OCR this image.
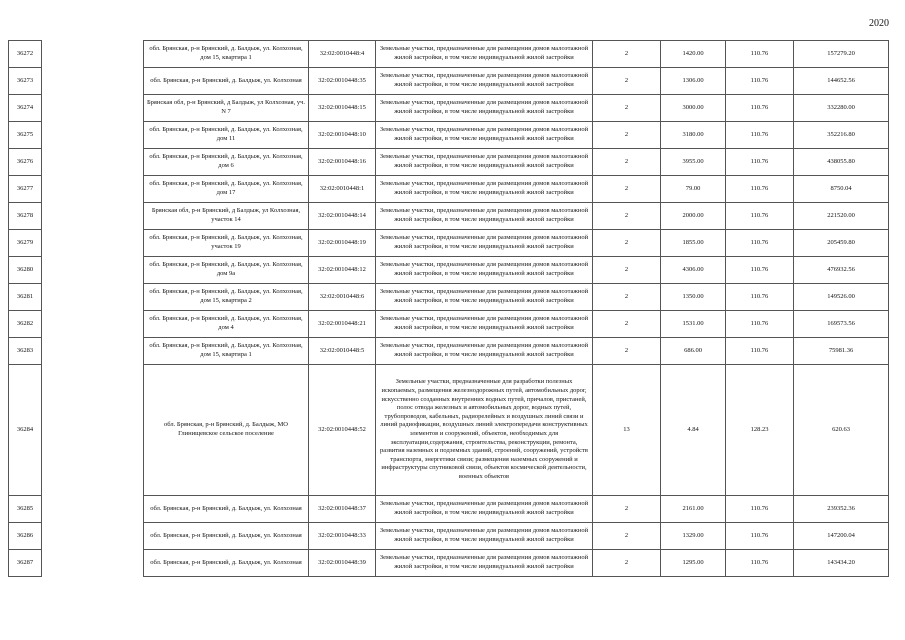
2020
36272		обл. Брянская, р-н Брянский, д. Балдыж, ул. Колхозная, дом 15, квартира 1	32:02:0010448:4	Земельные участки, предназначенные для размещения домов малоэтажной жилой застройки, в том числе индивидуальной жилой застройки	2	1420.00	110.76	157279.20
36273		обл. Брянская, р-н Брянский, д. Балдыж, ул. Колхозная	32:02:0010448:35	Земельные участки, предназначенные для размещения домов малоэтажной жилой застройки, в том числе индивидуальной жилой застройки	2	1306.00	110.76	144652.56
36274		Брянская обл, р-н Брянский, д Балдыж, ул Колхозная, уч. N 7	32:02:0010448:15	Земельные участки, предназначенные для размещения домов малоэтажной жилой застройки, в том числе индивидуальной жилой застройки	2	3000.00	110.76	332280.00
36275		обл. Брянская, р-н Брянский, д. Балдыж, ул. Колхозная, дом 11	32:02:0010448:10	Земельные участки, предназначенные для размещения домов малоэтажной жилой застройки, в том числе индивидуальной жилой застройки	2	3180.00	110.76	352216.80
36276		обл. Брянская, р-н Брянский, д. Балдыж, ул. Колхозная, дом 6	32:02:0010448:16	Земельные участки, предназначенные для размещения домов малоэтажной жилой застройки, в том числе индивидуальной жилой застройки	2	3955.00	110.76	438055.80
36277		обл. Брянская, р-н Брянский, д. Балдыж, ул. Колхозная, дом 17	32:02:0010448:1	Земельные участки, предназначенные для размещения домов малоэтажной жилой застройки, в том числе индивидуальной жилой застройки	2	79.00	110.76	8750.04
36278		Брянская обл, р-н Брянский, д Балдыж, ул Колхозная, участок 14	32:02:0010448:14	Земельные участки, предназначенные для размещения домов малоэтажной жилой застройки, в том числе индивидуальной жилой застройки	2	2000.00	110.76	221520.00
36279		обл. Брянская, р-н Брянский, д. Балдыж, ул. Колхозная, участок 19	32:02:0010448:19	Земельные участки, предназначенные для размещения домов малоэтажной жилой застройки, в том числе индивидуальной жилой застройки	2	1855.00	110.76	205459.80
36280		обл. Брянская, р-н Брянский, д. Балдыж, ул. Колхозная, дом 9а	32:02:0010448:12	Земельные участки, предназначенные для размещения домов малоэтажной жилой застройки, в том числе индивидуальной жилой застройки	2	4306.00	110.76	476932.56
36281		обл. Брянская, р-н Брянский, д. Балдыж, ул. Колхозная, дом 15, квартира 2	32:02:0010448:6	Земельные участки, предназначенные для размещения домов малоэтажной жилой застройки, в том числе индивидуальной жилой застройки	2	1350.00	110.76	149526.00
36282		обл. Брянская, р-н Брянский, д. Балдыж, ул. Колхозная, дом 4	32:02:0010448:21	Земельные участки, предназначенные для размещения домов малоэтажной жилой застройки, в том числе индивидуальной жилой застройки	2	1531.00	110.76	169573.56
36283		обл. Брянская, р-н Брянский, д. Балдыж, ул. Колхозная, дом 15, квартира 1	32:02:0010448:5	Земельные участки, предназначенные для размещения домов малоэтажной жилой застройки, в том числе индивидуальной жилой застройки	2	686.00	110.76	75981.36
36284		обл. Брянская, р-н Брянский, д. Балдыж, МО Глинищевское сельское поселение	32:02:0010448:52	Земельные участки, предназначенные для разработки полезных ископаемых, размещения железнодорожных путей, автомобильных дорог, искусственно созданных внутренних водных путей, причалов, пристаней, полос отвода железных и автомобильных дорог, водных путей, трубопроводов, кабельных, радиорелейных и воздушных линий связи и линий радиофикации, воздушных линий электропередачи конструктивных элементов и сооружений, объектов, необходимых для эксплуатации,содержания, строительства, реконструкции, ремонта, развития наземных и подземных зданий, строений, сооружений, устройств транспорта, энергетики связи; размещения наземных сооружений и инфраструктуры спутниковой связи, объектов космической деятельности, военных объектов	13	4.84	128.23	620.63
36285		обл. Брянская, р-н Брянский, д. Балдыж, ул. Колхозная	32:02:0010448:37	Земельные участки, предназначенные для размещения домов малоэтажной жилой застройки, в том числе индивидуальной жилой застройки	2	2161.00	110.76	239352.36
36286		обл. Брянская, р-н Брянский, д. Балдыж, ул. Колхозная	32:02:0010448:33	Земельные участки, предназначенные для размещения домов малоэтажной жилой застройки, в том числе индивидуальной жилой застройки	2	1329.00	110.76	147200.04
36287		обл. Брянская, р-н Брянский, д. Балдыж, ул. Колхозная	32:02:0010448:39	Земельные участки, предназначенные для размещения домов малоэтажной жилой застройки, в том числе индивидуальной жилой застройки	2	1295.00	110.76	143434.20
